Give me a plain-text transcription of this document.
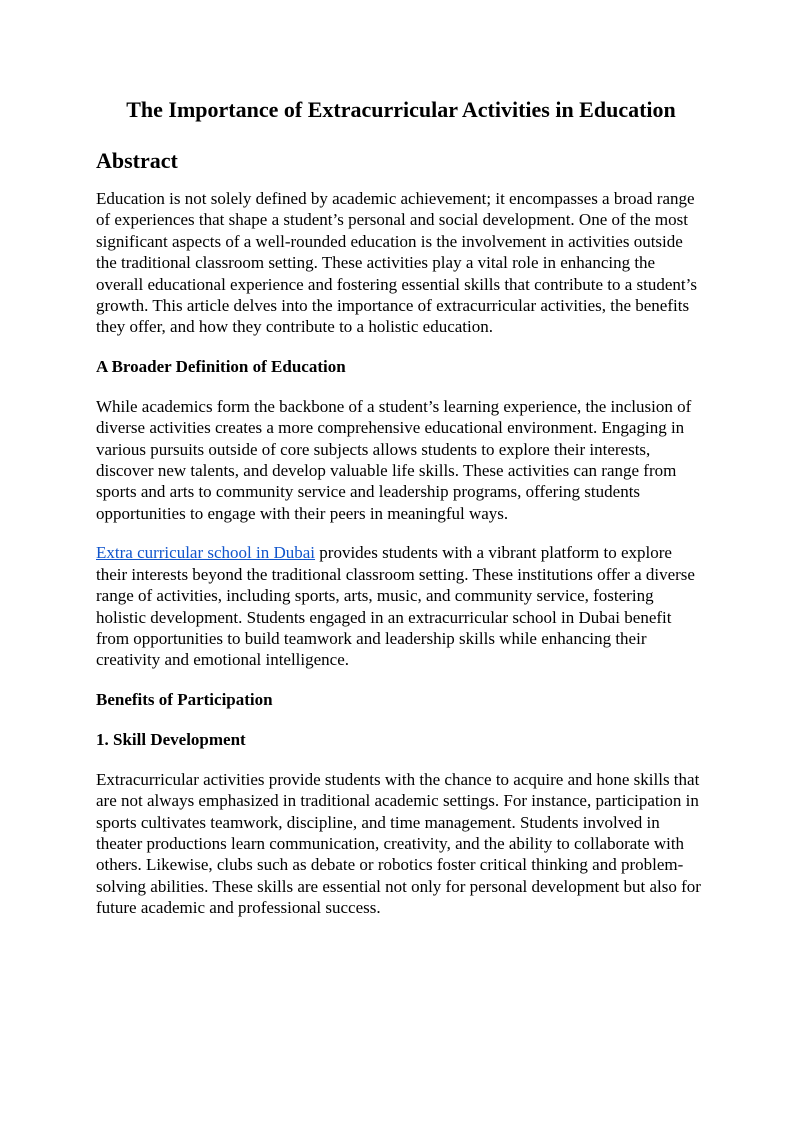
The Importance of Extracurricular Activities in Education
Abstract

Education is not solely defined by academic achievement; it encompasses a broad range of experiences that shape a student’s personal and social development. One of the most significant aspects of a well-rounded education is the involvement in activities outside the traditional classroom setting. These activities play a vital role in enhancing the overall educational experience and fostering essential skills that contribute to a student’s growth. This article delves into the importance of extracurricular activities, the benefits they offer, and how they contribute to a holistic education.

A Broader Definition of Education

While academics form the backbone of a student’s learning experience, the inclusion of diverse activities creates a more comprehensive educational environment. Engaging in various pursuits outside of core subjects allows students to explore their interests, discover new talents, and develop valuable life skills. These activities can range from sports and arts to community service and leadership programs, offering students opportunities to engage with their peers in meaningful ways.

Extra curricular school in Dubai provides students with a vibrant platform to explore their interests beyond the traditional classroom setting. These institutions offer a diverse range of activities, including sports, arts, music, and community service, fostering holistic development. Students engaged in an extracurricular school in Dubai benefit from opportunities to build teamwork and leadership skills while enhancing their creativity and emotional intelligence.

Benefits of Participation
1. Skill Development

Extracurricular activities provide students with the chance to acquire and hone skills that are not always emphasized in traditional academic settings. For instance, participation in sports cultivates teamwork, discipline, and time management. Students involved in theater productions learn communication, creativity, and the ability to collaborate with others. Likewise, clubs such as debate or robotics foster critical thinking and problem-solving abilities. These skills are essential not only for personal development but also for future academic and professional success.
